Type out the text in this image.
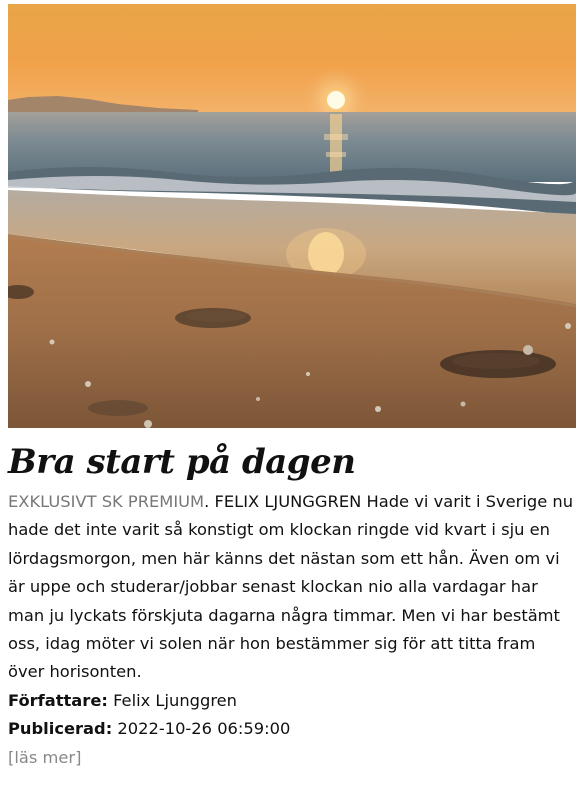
Bra start på dagen
EXKLUSIVT SK PREMIUM. FELIX LJUNGGREN Hade vi varit i Sverige nu hade det inte varit så konstigt om klockan ringde vid kvart i sju en lördagsmorgon, men här känns det nästan som ett hån. Även om vi är uppe och studerar/jobbar senast klockan nio alla vardagar har man ju lyckats förskjuta dagarna några timmar. Men vi har bestämt oss, idag möter vi solen när hon bestämmer sig för att titta fram över horisonten.
Författare: Felix Ljunggren
Publicerad: 2022-10-26 06:59:00
[läs mer]
